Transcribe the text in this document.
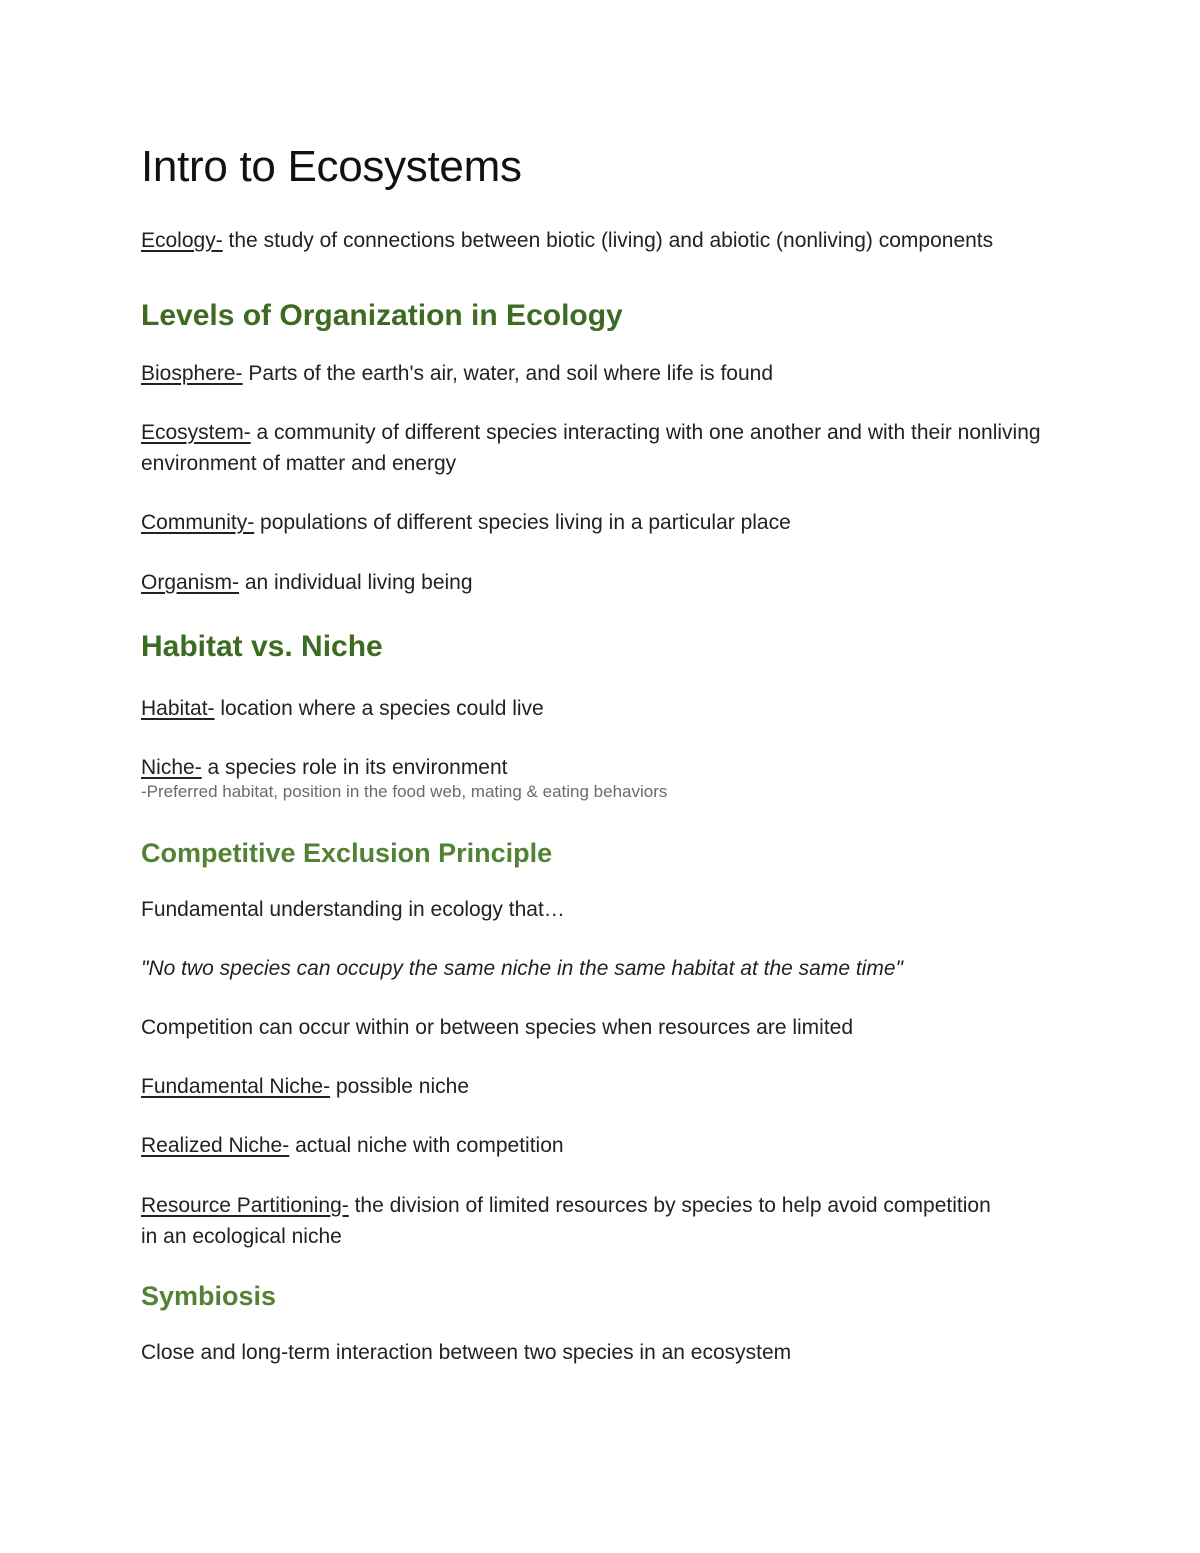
Intro to Ecosystems

Ecology- the study of connections between biotic (living) and abiotic (nonliving) components

Levels of Organization in Ecology

Biosphere- Parts of the earth's air, water, and soil where life is found

Ecosystem- a community of different species interacting with one another and with their nonliving environment of matter and energy

Community- populations of different species living in a particular place

Organism- an individual living being

Habitat vs. Niche

Habitat- location where a species could live

Niche- a species role in its environment

-Preferred habitat, position in the food web, mating & eating behaviors

Competitive Exclusion Principle

Fundamental understanding in ecology that…

"No two species can occupy the same niche in the same habitat at the same time"

Competition can occur within or between species when resources are limited

Fundamental Niche- possible niche

Realized Niche- actual niche with competition

Resource Partitioning- the division of limited resources by species to help avoid competition in an ecological niche

Symbiosis

Close and long-term interaction between two species in an ecosystem
